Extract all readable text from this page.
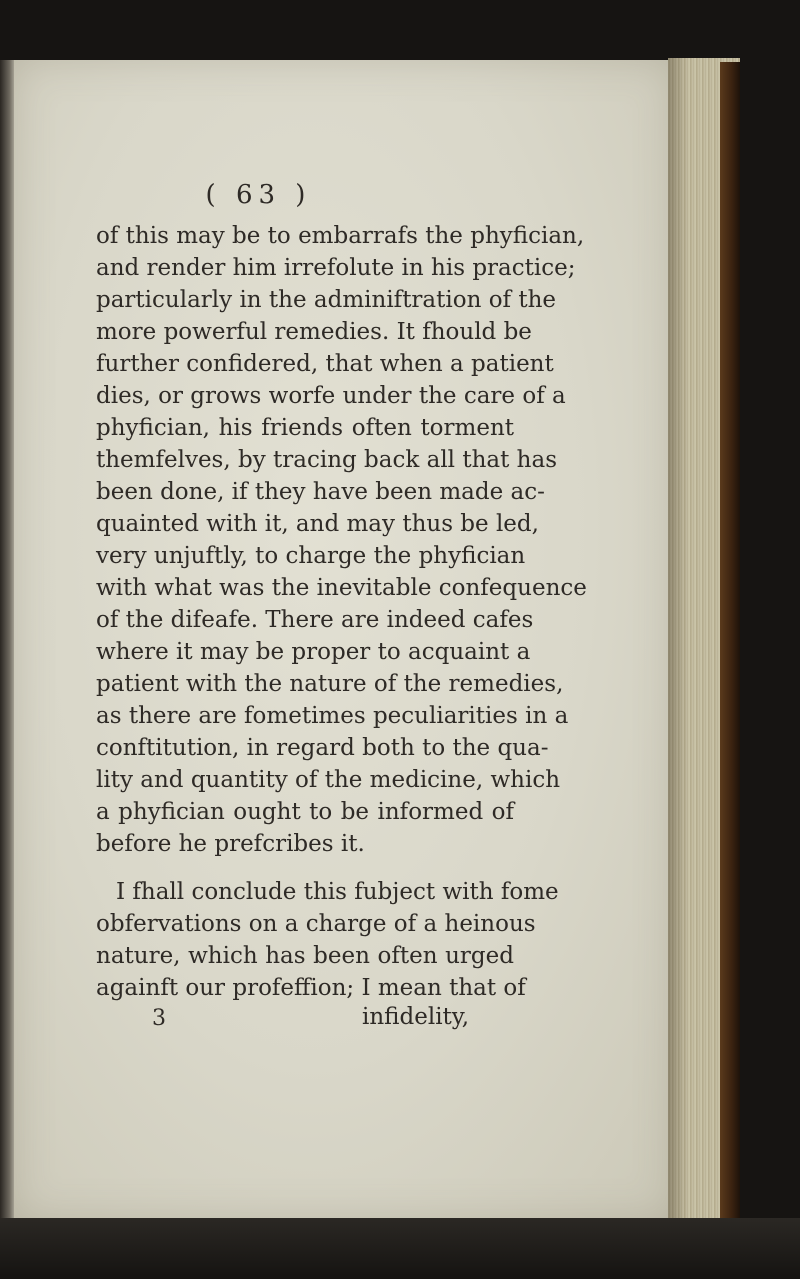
( 63 )
of this may be to embarrafs the phyfician,
and render him irrefolute in his practice;
particularly in the adminiftration of the
more powerful remedies. It fhould be
further confidered, that when a patient
dies, or grows worfe under the care of a
phyfician, his friends often torment
themfelves, by tracing back all that has
been done, if they have been made ac-
quainted with it, and may thus be led,
very unjuftly, to charge the phyfician
with what was the inevitable confequence
of the difeafe. There are indeed cafes
where it may be proper to acquaint a
patient with the nature of the remedies,
as there are fometimes peculiarities in a
conftitution, in regard both to the qua-
lity and quantity of the medicine, which
a phyfician ought to be informed of
before he prefcribes it.
I fhall conclude this fubject with fome
obfervations on a charge of a heinous
nature, which has been often urged
againft our profeffion; I mean that of
3	infidelity,
